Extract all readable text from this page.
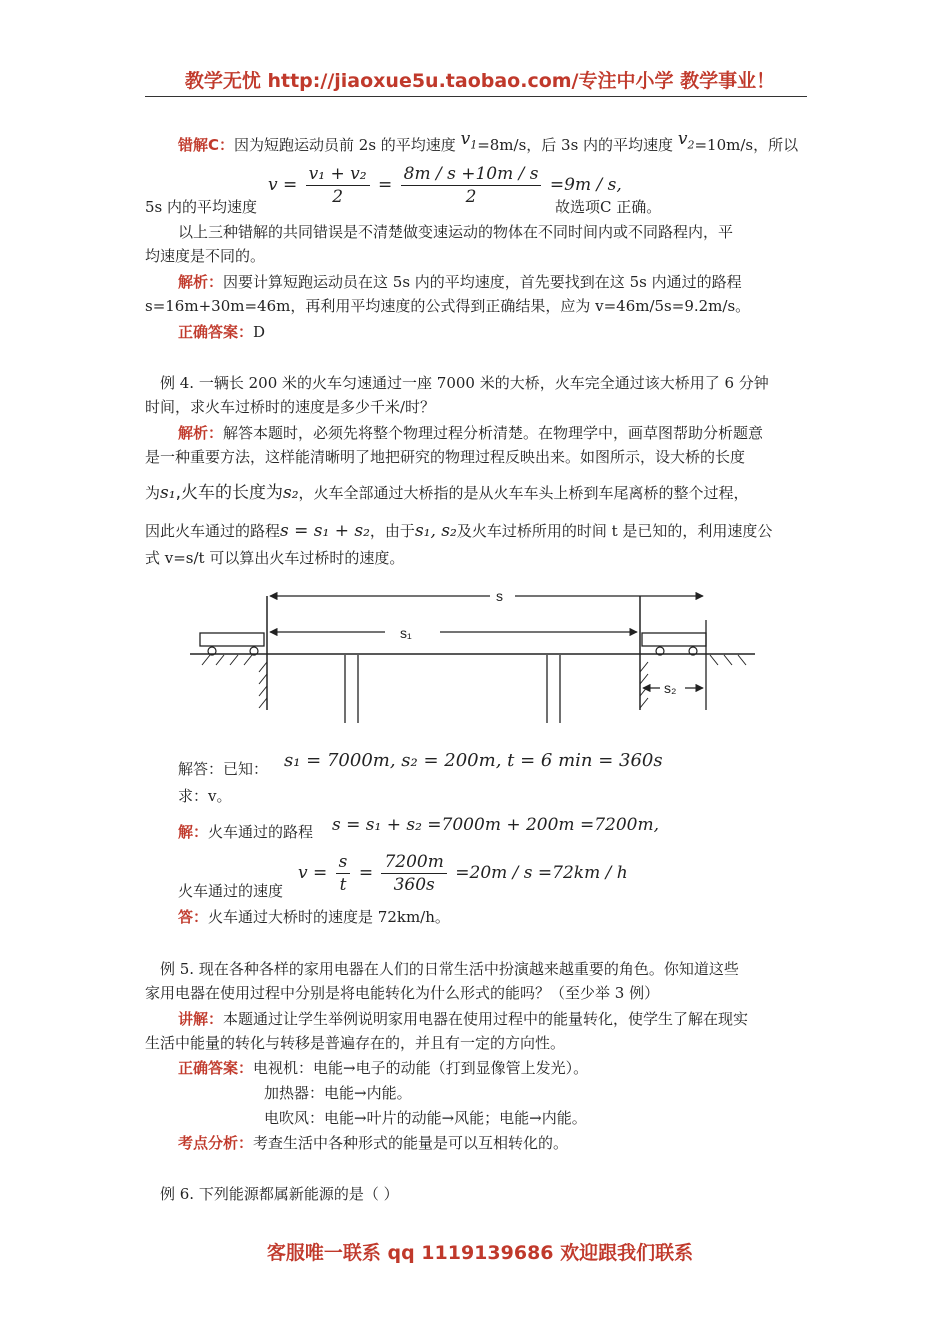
教学无忧 http://jiaoxue5u.taobao.com/专注中小学 教学事业！
错解C：因为短跑运动员前 2s 的平均速度 $v_1=8m/s$，后 3s 内的平均速度 $v_2=10m/s$，所以
5s 内的平均速度
$v = \frac{\text{v₁ + v₂}}{2} = \frac{8m / s +10m / s}{2} =9m / s$,
故选项C 正确。
以上三种错解的共同错误是不清楚做变速运动的物体在不同时间内或不同路程内，平
均速度是不同的。
解析：因要计算短跑运动员在这 5s 内的平均速度，首先要找到在这 5s 内通过的路程
s=16m+30m=46m，再利用平均速度的公式得到正确结果，应为 v=46m/5s=9.2m/s。
正确答案：D
例 4. 一辆长 200 米的火车匀速通过一座 7000 米的大桥，火车完全通过该大桥用了 6 分钟
时间，求火车过桥时的速度是多少千米/时？
解析：解答本题时，必须先将整个物理过程分析清楚。在物理学中，画草图帮助分析题意
是一种重要方法，这样能清晰明了地把研究的物理过程反映出来。如图所示，设大桥的长度
为s₁,火车的长度为s₂，火车全部通过大桥指的是从火车车头上桥到车尾离桥的整个过程，
因此火车通过的路程s = s₁ + s₂，由于s₁, s₂及火车过桥所用的时间 t 是已知的，利用速度公
式 v=s/t 可以算出火车过桥时的速度。
s
s₁
s₂
解答：已知： s₁ = 7000m, s₂ = 200m, t = 6 min = 360s
求：v。
解：火车通过的路程 s = s₁ + s₂ =7000m + 200m =7200m,
火车通过的速度
$v = \frac{s}{t} = \frac{7200m}{360s} =20m / s =72km / h$
答：火车通过大桥时的速度是 72km/h。
例 5. 现在各种各样的家用电器在人们的日常生活中扮演越来越重要的角色。你知道这些
家用电器在使用过程中分别是将电能转化为什么形式的能吗？（至少举 3 例）
讲解：本题通过让学生举例说明家用电器在使用过程中的能量转化，使学生了解在现实
生活中能量的转化与转移是普遍存在的，并且有一定的方向性。
正确答案：电视机：电能→电子的动能（打到显像管上发光）。
加热器：电能→内能。
电吹风：电能→叶片的动能→风能；电能→内能。
考点分析：考查生活中各种形式的能量是可以互相转化的。
例 6. 下列能源都属新能源的是（ ）
客服唯一联系 qq 1119139686 欢迎跟我们联系
